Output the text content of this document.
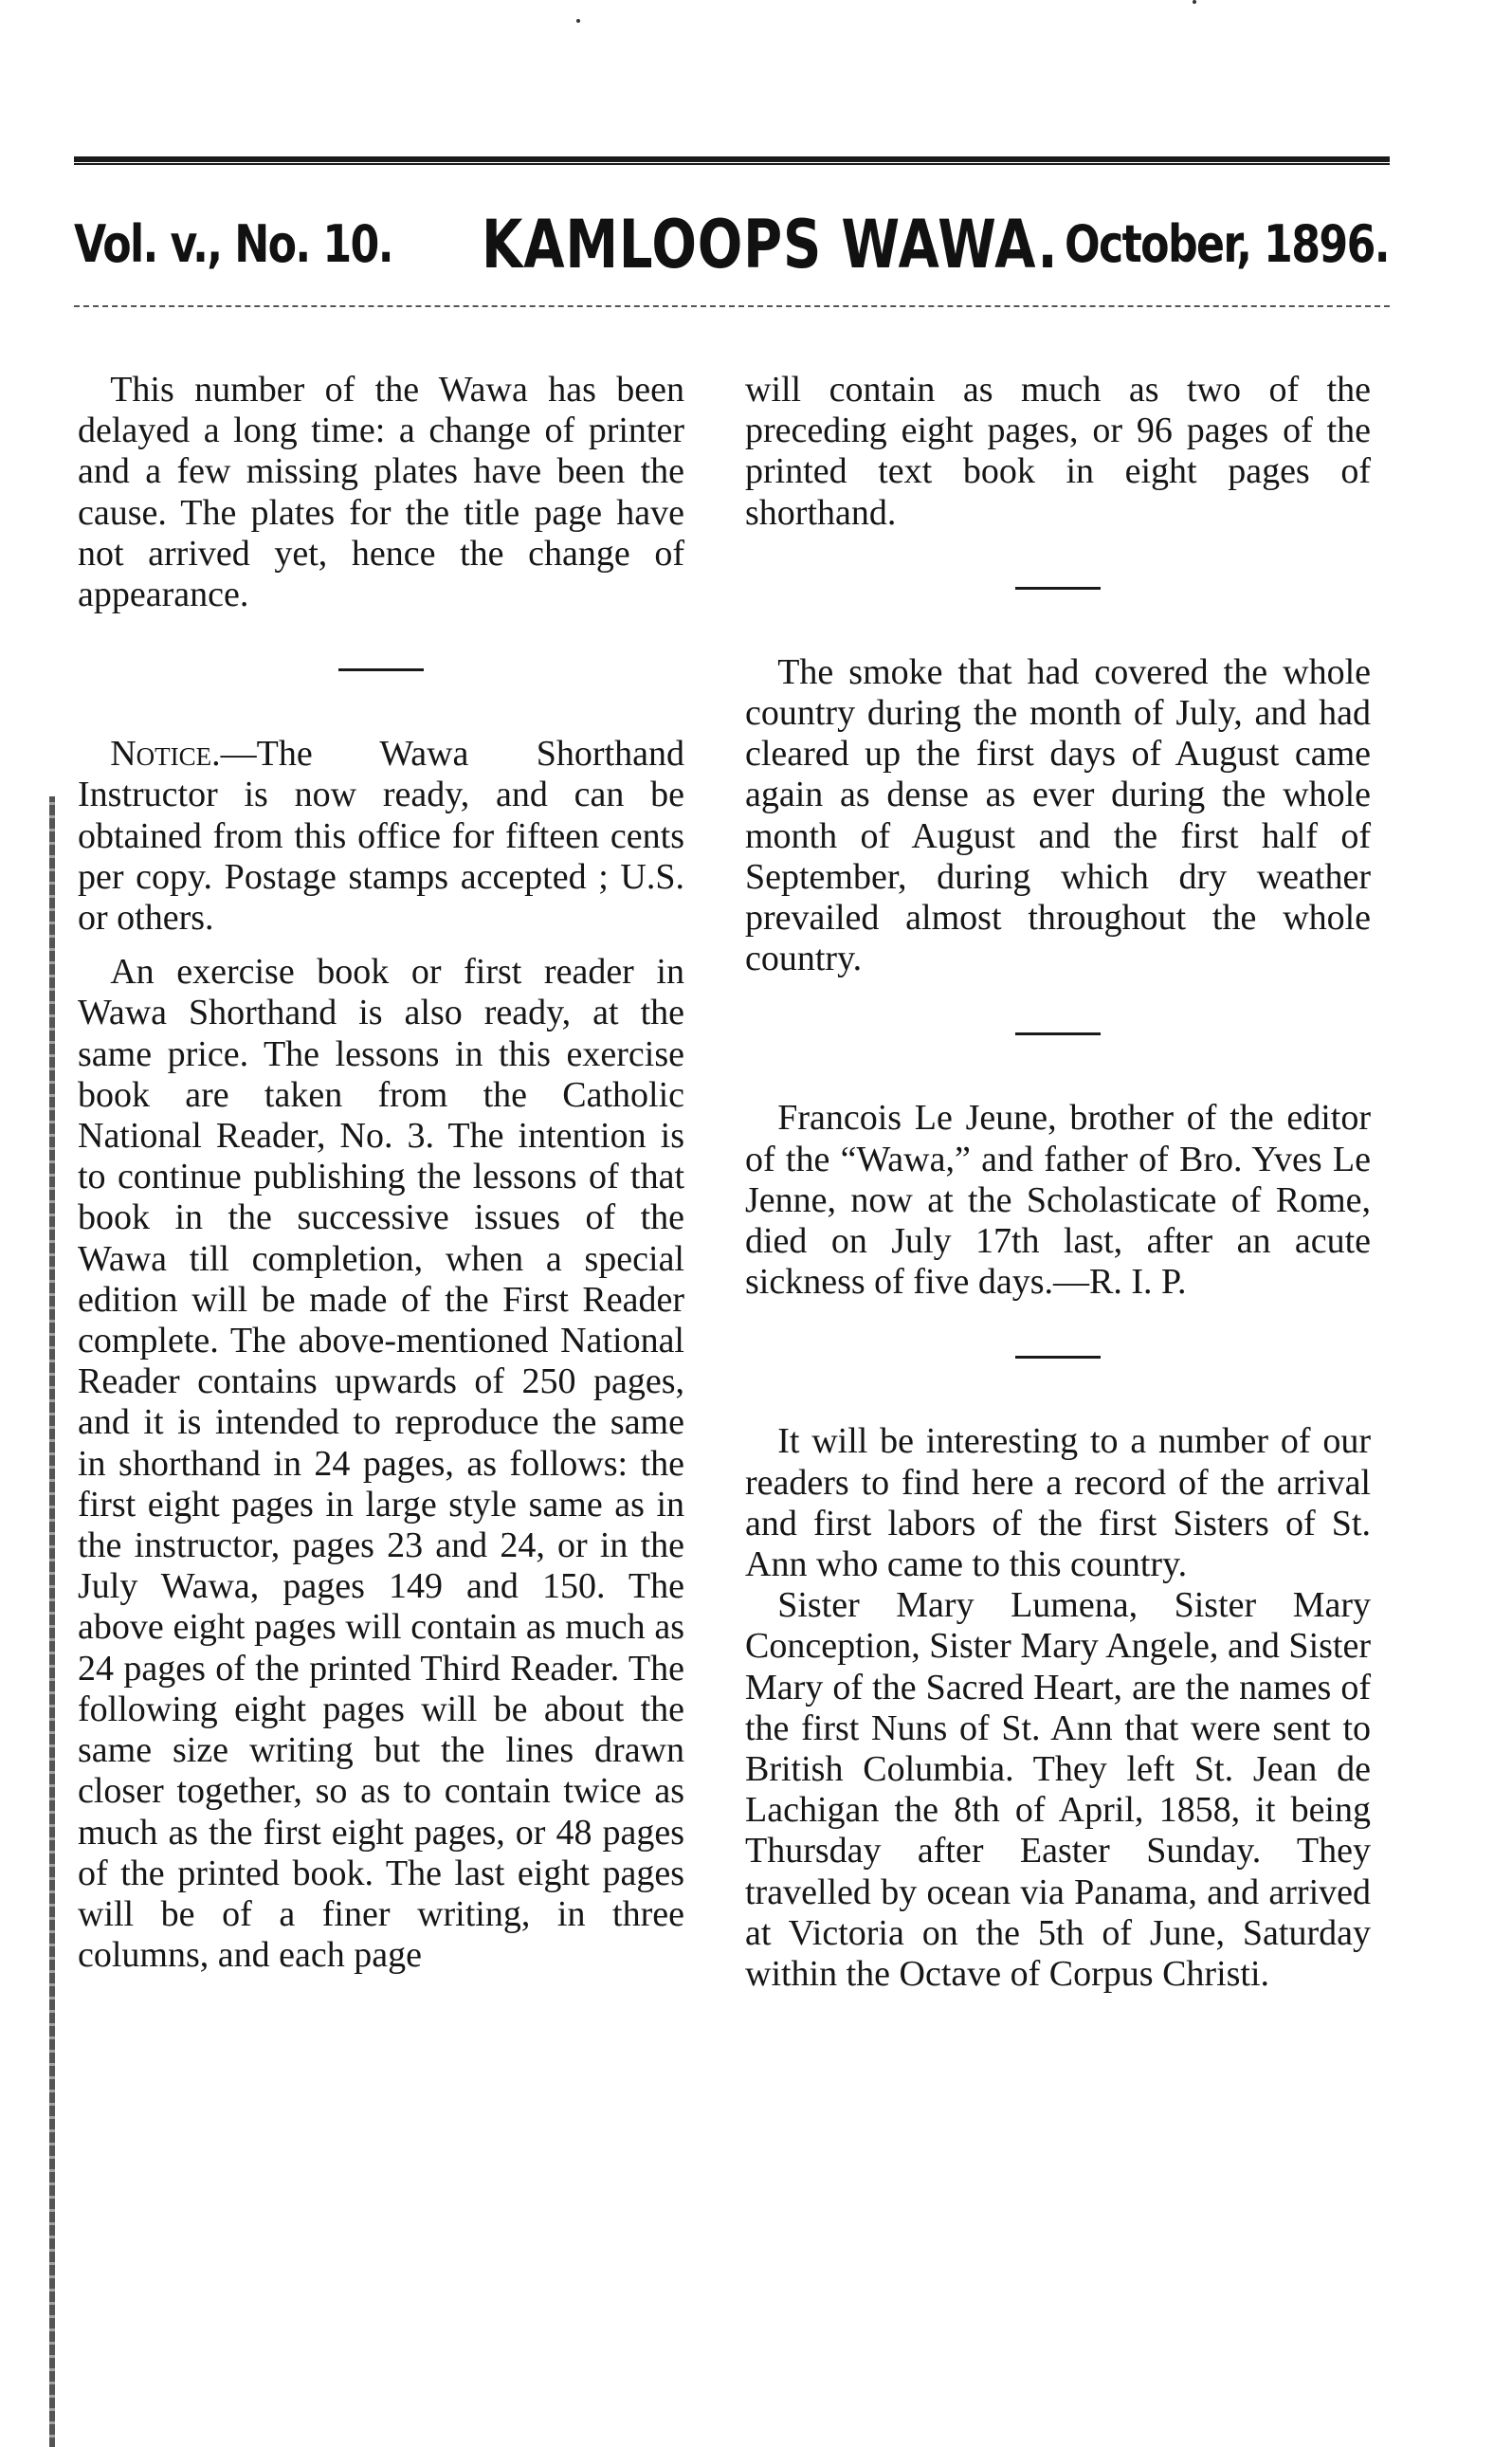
Vol. v., No. 10. KAMLOOPS WAWA. October, 1896.

This number of the Wawa has been delayed a long time: a change of printer and a few missing plates have been the cause. The plates for the title page have not arrived yet, hence the change of appearance.

Notice.—The Wawa Shorthand Instructor is now ready, and can be obtained from this office for fifteen cents per copy. Postage stamps accepted ; U.S. or others.

An exercise book or first reader in Wawa Shorthand is also ready, at the same price. The lessons in this exercise book are taken from the Catholic National Reader, No. 3. The intention is to continue publishing the lessons of that book in the successive issues of the Wawa till completion, when a special edition will be made of the First Reader complete. The above-mentioned National Reader contains upwards of 250 pages, and it is intended to reproduce the same in shorthand in 24 pages, as follows: the first eight pages in large style same as in the instructor, pages 23 and 24, or in the July Wawa, pages 149 and 150. The above eight pages will contain as much as 24 pages of the printed Third Reader. The following eight pages will be about the same size writing but the lines drawn closer together, so as to contain twice as much as the first eight pages, or 48 pages of the printed book. The last eight pages will be of a finer writing, in three columns, and each page

will contain as much as two of the preceding eight pages, or 96 pages of the printed text book in eight pages of shorthand.

The smoke that had covered the whole country during the month of July, and had cleared up the first days of August came again as dense as ever during the whole month of August and the first half of September, during which dry weather prevailed almost throughout the whole country.

Francois Le Jeune, brother of the editor of the “Wawa,” and father of Bro. Yves Le Jenne, now at the Scholasticate of Rome, died on July 17th last, after an acute sickness of five days.—R. I. P.

It will be interesting to a number of our readers to find here a record of the arrival and first labors of the first Sisters of St. Ann who came to this country.

Sister Mary Lumena, Sister Mary Conception, Sister Mary Angele, and Sister Mary of the Sacred Heart, are the names of the first Nuns of St. Ann that were sent to British Columbia. They left St. Jean de Lachigan the 8th of April, 1858, it being Thursday after Easter Sunday. They travelled by ocean via Panama, and arrived at Victoria on the 5th of June, Saturday within the Octave of Corpus Christi.
